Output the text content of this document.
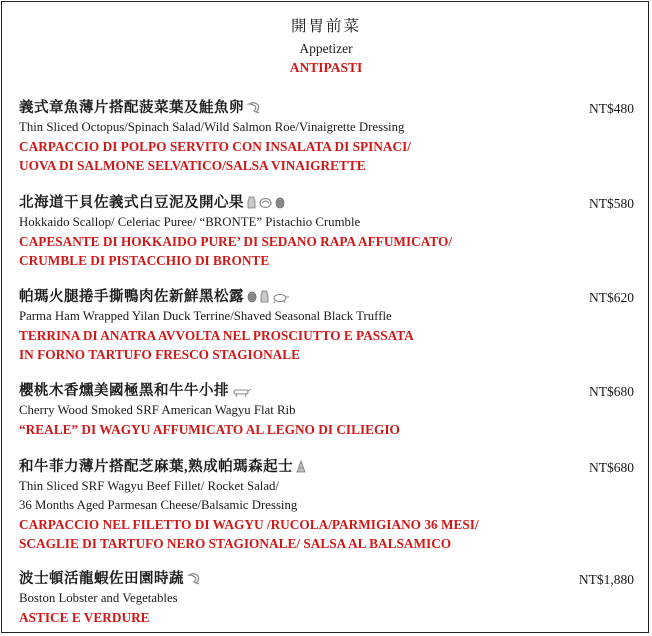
開胃前菜
Appetizer
ANTIPASTI
義式章魚薄片搭配菠菜葉及鮭魚卵	NT$480
Thin Sliced Octopus/Spinach Salad/Wild Salmon Roe/Vinaigrette Dressing
CARPACCIO DI POLPO SERVITO CON INSALATA DI SPINACI/
UOVA DI SALMONE SELVATICO/SALSA VINAIGRETTE
北海道干貝佐義式白豆泥及開心果	NT$580
Hokkaido Scallop/ Celeriac Puree/ “BRONTE” Pistachio Crumble
CAPESANTE DI HOKKAIDO PURE’ DI SEDANO RAPA AFFUMICATO/
CRUMBLE DI PISTACCHIO DI BRONTE
帕瑪火腿捲手撕鴨肉佐新鮮黑松露	NT$620
Parma Ham Wrapped Yilan Duck Terrine/Shaved Seasonal Black Truffle
TERRINA DI ANATRA AVVOLTA NEL PROSCIUTTO E PASSATA
IN FORNO TARTUFO FRESCO STAGIONALE
櫻桃木香燻美國極黑和牛牛小排	NT$680
Cherry Wood Smoked SRF American Wagyu Flat Rib
“REALE” DI WAGYU AFFUMICATO AL LEGNO DI CILIEGIO
和牛菲力薄片搭配芝麻葉,熟成帕瑪森起士	NT$680
Thin Sliced SRF Wagyu Beef Fillet/ Rocket Salad/
36 Months Aged Parmesan Cheese/Balsamic Dressing
CARPACCIO NEL FILETTO DI WAGYU /RUCOLA/PARMIGIANO 36 MESI/
SCAGLIE DI TARTUFO NERO STAGIONALE/ SALSA AL BALSAMICO
波士頓活龍蝦佐田園時蔬	NT$1,880
Boston Lobster and Vegetables
ASTICE E VERDURE
